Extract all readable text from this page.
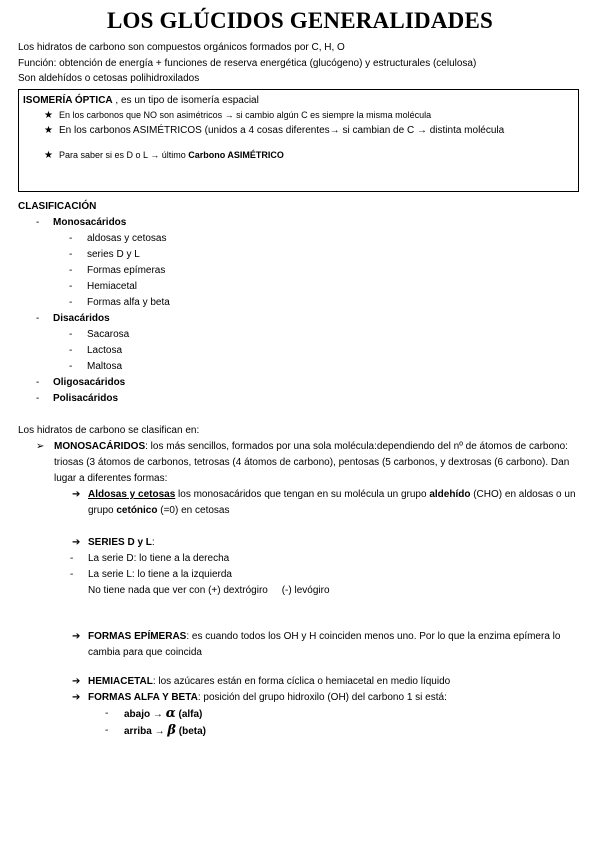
LOS GLÚCIDOS GENERALIDADES

Los hidratos de carbono son compuestos orgánicos formados por C, H, O

Función: obtención de energía + funciones de reserva energética (glucógeno) y estructurales (celulosa)

Son aldehídos o cetosas polihidroxilados

ISOMERÍA ÓPTICA , es un tipo de isomería espacial
★ En los carbonos que NO son asimétricos → si cambio algún C es siempre la misma molécula
★ En los carbonos ASIMÉTRICOS (unidos a 4 cosas diferentes→ si cambian de C → distinta molécula
★ Para saber si es D o L → último Carbono ASIMÉTRICO
CLASIFICACIÓN
- Monosacáridos
- aldosas y cetosas
- series D y L
- Formas epímeras
- Hemiacetal
- Formas alfa y beta
- Disacáridos
- Sacarosa
- Lactosa
- Maltosa
- Oligosacáridos
- Polisacáridos
Los hidratos de carbono se clasifican en:
➢ MONOSACÁRIDOS: los más sencillos, formados por una sola molécula:dependiendo del nº de átomos de carbono: triosas (3 átomos de carbonos, tetrosas (4 átomos de carbono), pentosas (5 carbonos, y dextrosas (6 carbono). Dan lugar a diferentes formas:
➔ Aldosas y cetosas los monosacáridos que tengan en su molécula un grupo aldehído (CHO) en aldosas o un grupo cetónico (=0) en cetosas
➔ SERIES D y L:
- La serie D: lo tiene a la derecha
- La serie L: lo tiene a la izquierda
No tiene nada que ver con (+) dextrógiro     (-) levógiro
➔ FORMAS EPÍMERAS: es cuando todos los OH y H coinciden menos uno. Por lo que la enzima epímera lo cambia para que coincida
➔ HEMIACETAL: los azúcares están en forma cíclica o hemiacetal en medio líquido
➔ FORMAS ALFA Y BETA: posición del grupo hidroxilo (OH) del carbono 1 si está:
- abajo → α (alfa)
- arriba → β (beta)
